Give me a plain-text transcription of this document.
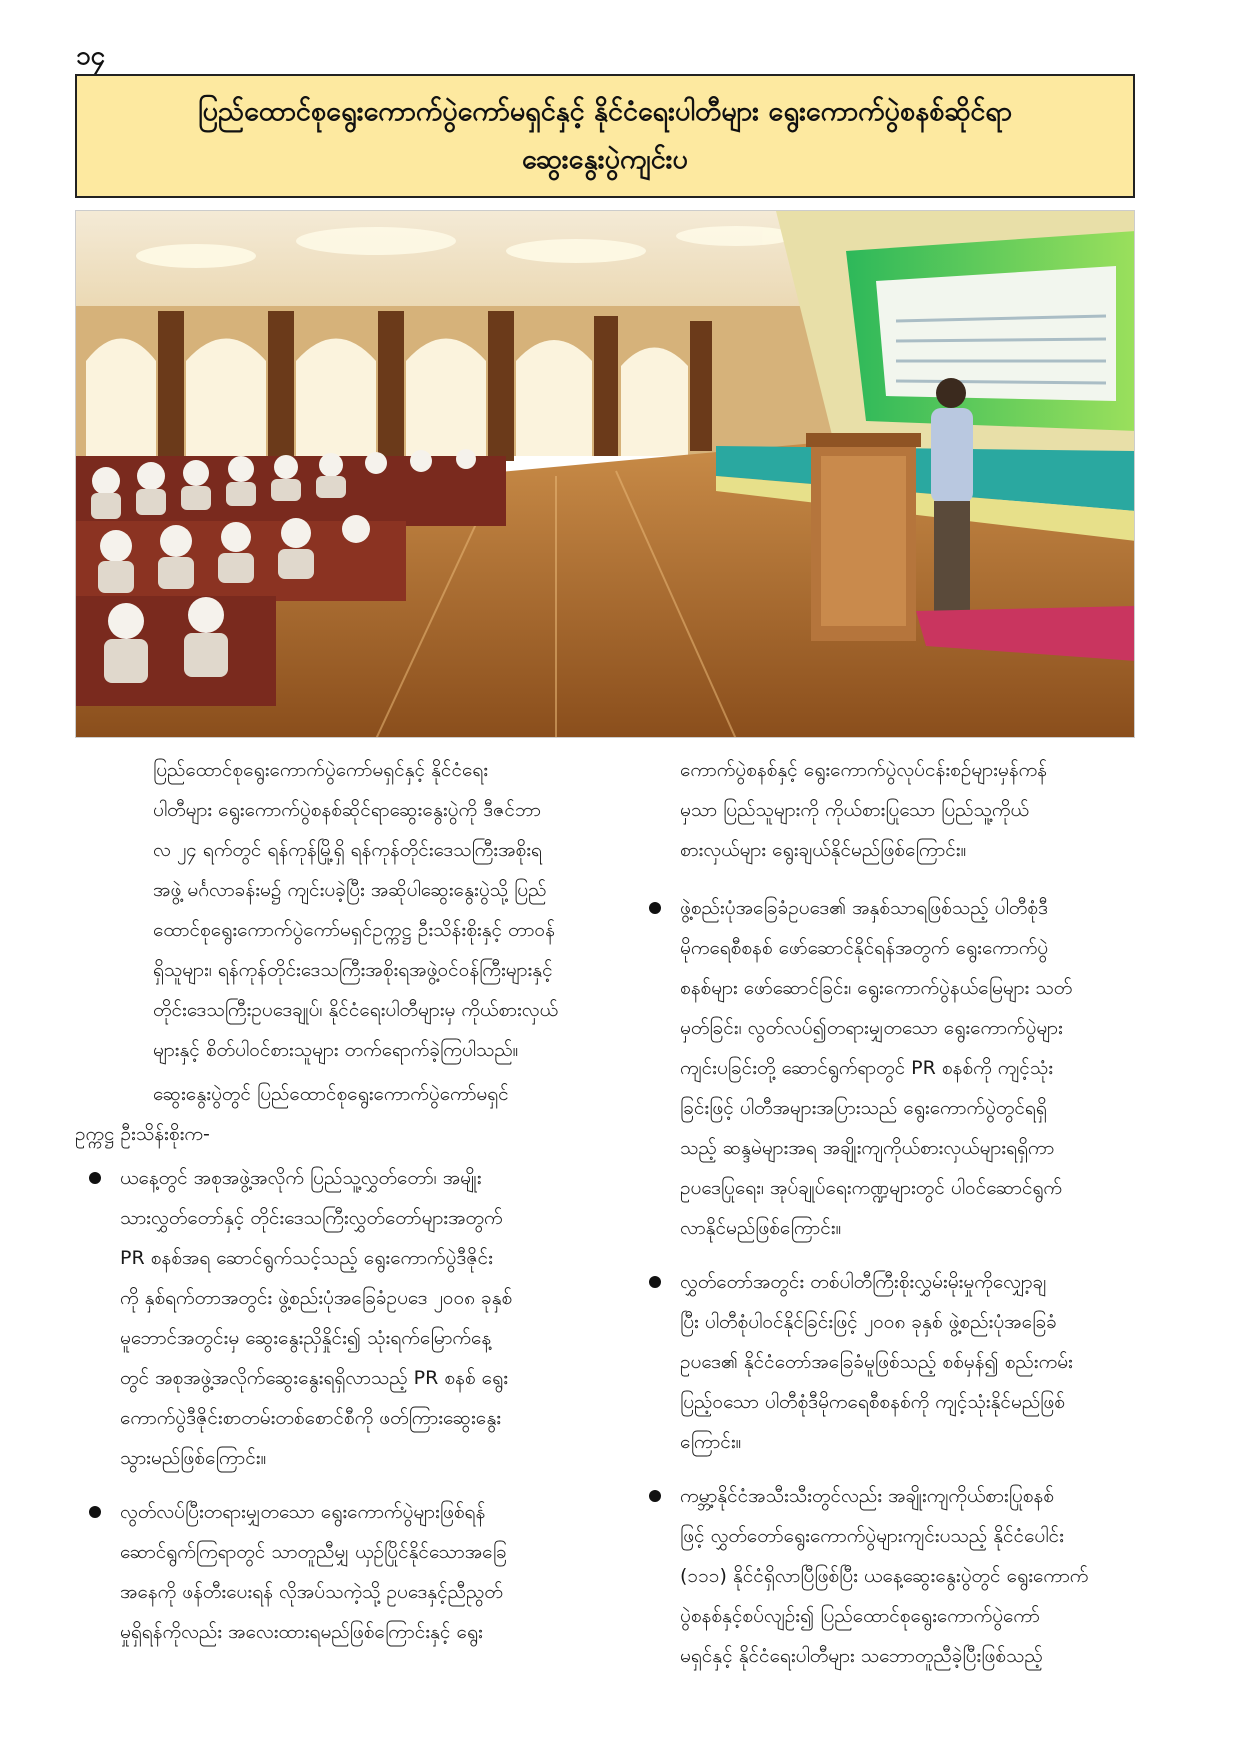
၁၄
ပြည်ထောင်စုရွေးကောက်ပွဲကော်မရှင်နှင့် နိုင်ငံရေးပါတီများ ရွေးကောက်ပွဲစနစ်ဆိုင်ရာ
ဆွေးနွေးပွဲကျင်းပ

ပြည်ထောင်စုရွေးကောက်ပွဲကော်မရှင်နှင့် နိုင်ငံရေး
ပါတီများ ရွေးကောက်ပွဲစနစ်ဆိုင်ရာဆွေးနွေးပွဲကို ဒီဇင်ဘာ
လ ၂၄ ရက်တွင် ရန်ကုန်မြို့ရှိ ရန်ကုန်တိုင်းဒေသကြီးအစိုးရ
အဖွဲ့ မင်္ဂလာခန်းမ၌ ကျင်းပခဲ့ပြီး အဆိုပါဆွေးနွေးပွဲသို့ ပြည်
ထောင်စုရွေးကောက်ပွဲကော်မရှင်ဥက္ကဋ္ဌ ဦးသိန်းစိုးနှင့် တာဝန်
ရှိသူများ၊ ရန်ကုန်တိုင်းဒေသကြီးအစိုးရအဖွဲ့ဝင်ဝန်ကြီးများနှင့်
တိုင်းဒေသကြီးဥပဒေချုပ်၊ နိုင်ငံရေးပါတီများမှ ကိုယ်စားလှယ်
များနှင့် စိတ်ပါဝင်စားသူများ တက်ရောက်ခဲ့ကြပါသည်။

ဆွေးနွေးပွဲတွင် ပြည်ထောင်စုရွေးကောက်ပွဲကော်မရှင်
ဥက္ကဋ္ဌ ဦးသိန်းစိုးက-

ယနေ့တွင် အစုအဖွဲ့အလိုက် ပြည်သူ့လွှတ်တော်၊ အမျိုး
သားလွှတ်တော်နှင့် တိုင်းဒေသကြီးလွှတ်တော်များအတွက်
PR စနစ်အရ ဆောင်ရွက်သင့်သည့် ရွေးကောက်ပွဲဒီဇိုင်း
ကို နှစ်ရက်တာအတွင်း ဖွဲ့စည်းပုံအခြေခံဥပဒေ ၂၀၀၈ ခုနှစ်
မူဘောင်အတွင်းမှ ဆွေးနွေးညှိနှိုင်း၍ သုံးရက်မြောက်နေ့
တွင် အစုအဖွဲ့အလိုက်ဆွေးနွေးရရှိလာသည့် PR စနစ် ရွေး
ကောက်ပွဲဒီဇိုင်းစာတမ်းတစ်စောင်စီကို ဖတ်ကြားဆွေးနွေး
သွားမည်ဖြစ်ကြောင်း။
လွတ်လပ်ပြီးတရားမျှတသော ရွေးကောက်ပွဲများဖြစ်ရန်
ဆောင်ရွက်ကြရာတွင် သာတူညီမျှ ယှဉ်ပြိုင်နိုင်သောအခြေ
အနေကို ဖန်တီးပေးရန် လိုအပ်သကဲ့သို့ ဥပဒေနှင့်ညီညွတ်
မှုရှိရန်ကိုလည်း အလေးထားရမည်ဖြစ်ကြောင်းနှင့် ရွေး
ကောက်ပွဲစနစ်နှင့် ရွေးကောက်ပွဲလုပ်ငန်းစဉ်များမှန်ကန်
မှသာ ပြည်သူများကို ကိုယ်စားပြုသော ပြည်သူ့ကိုယ်
စားလှယ်များ ရွေးချယ်နိုင်မည်ဖြစ်ကြောင်း။
ဖွဲ့စည်းပုံအခြေခံဥပဒေ၏ အနှစ်သာရဖြစ်သည့် ပါတီစုံဒီ
မိုကရေစီစနစ် ဖော်ဆောင်နိုင်ရန်အတွက် ရွေးကောက်ပွဲ
စနစ်များ ဖော်ဆောင်ခြင်း၊ ရွေးကောက်ပွဲနယ်မြေများ သတ်
မှတ်ခြင်း၊ လွတ်လပ်၍တရားမျှတသော ရွေးကောက်ပွဲများ
ကျင်းပခြင်းတို့ ဆောင်ရွက်ရာတွင် PR စနစ်ကို ကျင့်သုံး
ခြင်းဖြင့် ပါတီအများအပြားသည် ရွေးကောက်ပွဲတွင်ရရှိ
သည့် ဆန္ဒမဲများအရ အချိုးကျကိုယ်စားလှယ်များရရှိကာ
ဥပဒေပြုရေး၊ အုပ်ချုပ်ရေးကဏ္ဍများတွင် ပါဝင်ဆောင်ရွက်
လာနိုင်မည်ဖြစ်ကြောင်း။
လွှတ်တော်အတွင်း တစ်ပါတီကြီးစိုးလွှမ်းမိုးမှုကိုလျှော့ချ
ပြီး ပါတီစုံပါဝင်နိုင်ခြင်းဖြင့် ၂၀၀၈ ခုနှစ် ဖွဲ့စည်းပုံအခြေခံ
ဥပဒေ၏ နိုင်ငံတော်အခြေခံမူဖြစ်သည့် စစ်မှန်၍ စည်းကမ်း
ပြည့်ဝသော ပါတီစုံဒီမိုကရေစီစနစ်ကို ကျင့်သုံးနိုင်မည်ဖြစ်
ကြောင်း။
ကမ္ဘာ့နိုင်ငံအသီးသီးတွင်လည်း အချိုးကျကိုယ်စားပြုစနစ်
ဖြင့် လွှတ်တော်ရွေးကောက်ပွဲများကျင်းပသည့် နိုင်ငံပေါင်း
(၁၁၁) နိုင်ငံရှိလာပြီဖြစ်ပြီး ယနေ့ဆွေးနွေးပွဲတွင် ရွေးကောက်
ပွဲစနစ်နှင့်စပ်လျဉ်း၍ ပြည်ထောင်စုရွေးကောက်ပွဲကော်
မရှင်နှင့် နိုင်ငံရေးပါတီများ သဘောတူညီခဲ့ပြီးဖြစ်သည့်
